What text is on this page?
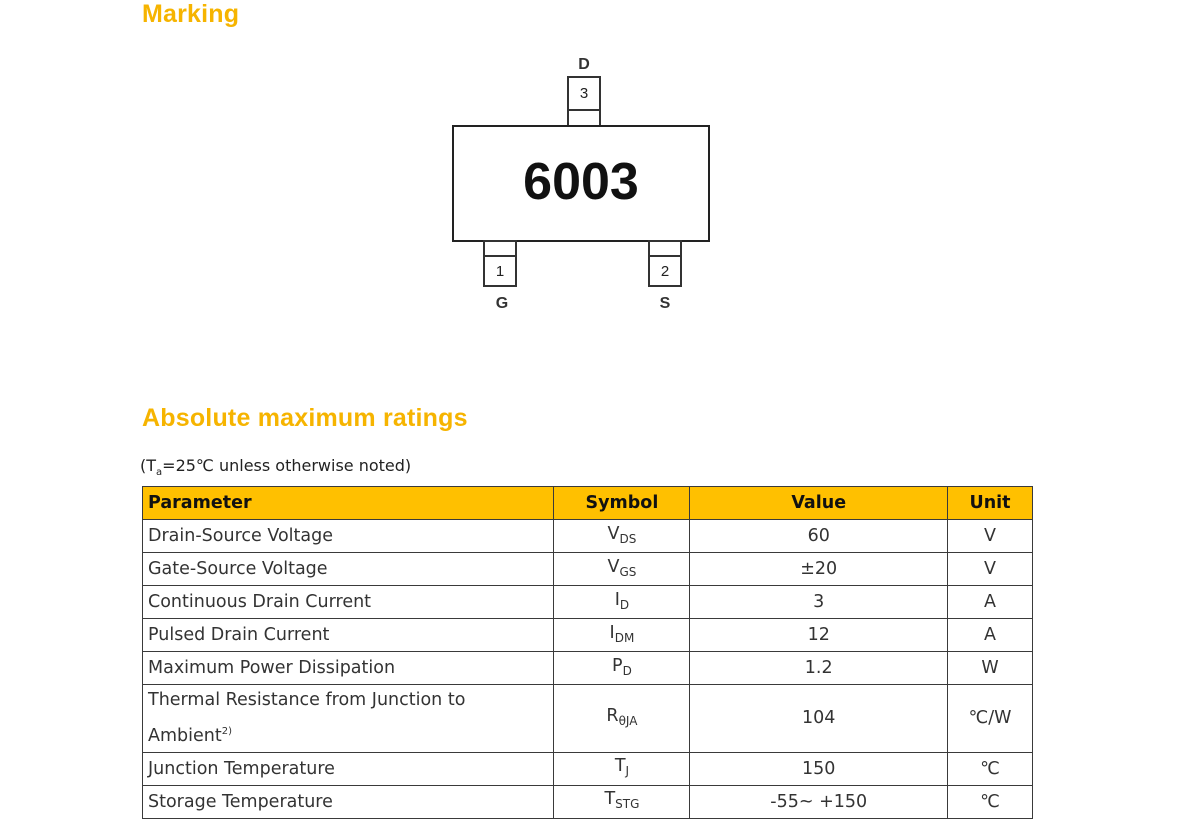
Marking
D
3
6003
1
G
2
S
Absolute maximum ratings
($T_a=25℃$ unless otherwise noted)
Parameter	Symbol	Value	Unit
Drain-Source Voltage	$V_{DS}$	60	V
Gate-Source Voltage	$V_{GS}$	±20	V
Continuous Drain Current	$I_D$	3	A
Pulsed Drain Current	$I_{DM}$	12	A
Maximum Power Dissipation	$P_D$	1.2	W
Thermal Resistance from Junction to Ambient$^{2)}$	$R_{\theta JA}$	104	℃/W
Junction Temperature	$T_J$	150	℃
Storage Temperature	$T_{STG}$	-55~ +150	℃
